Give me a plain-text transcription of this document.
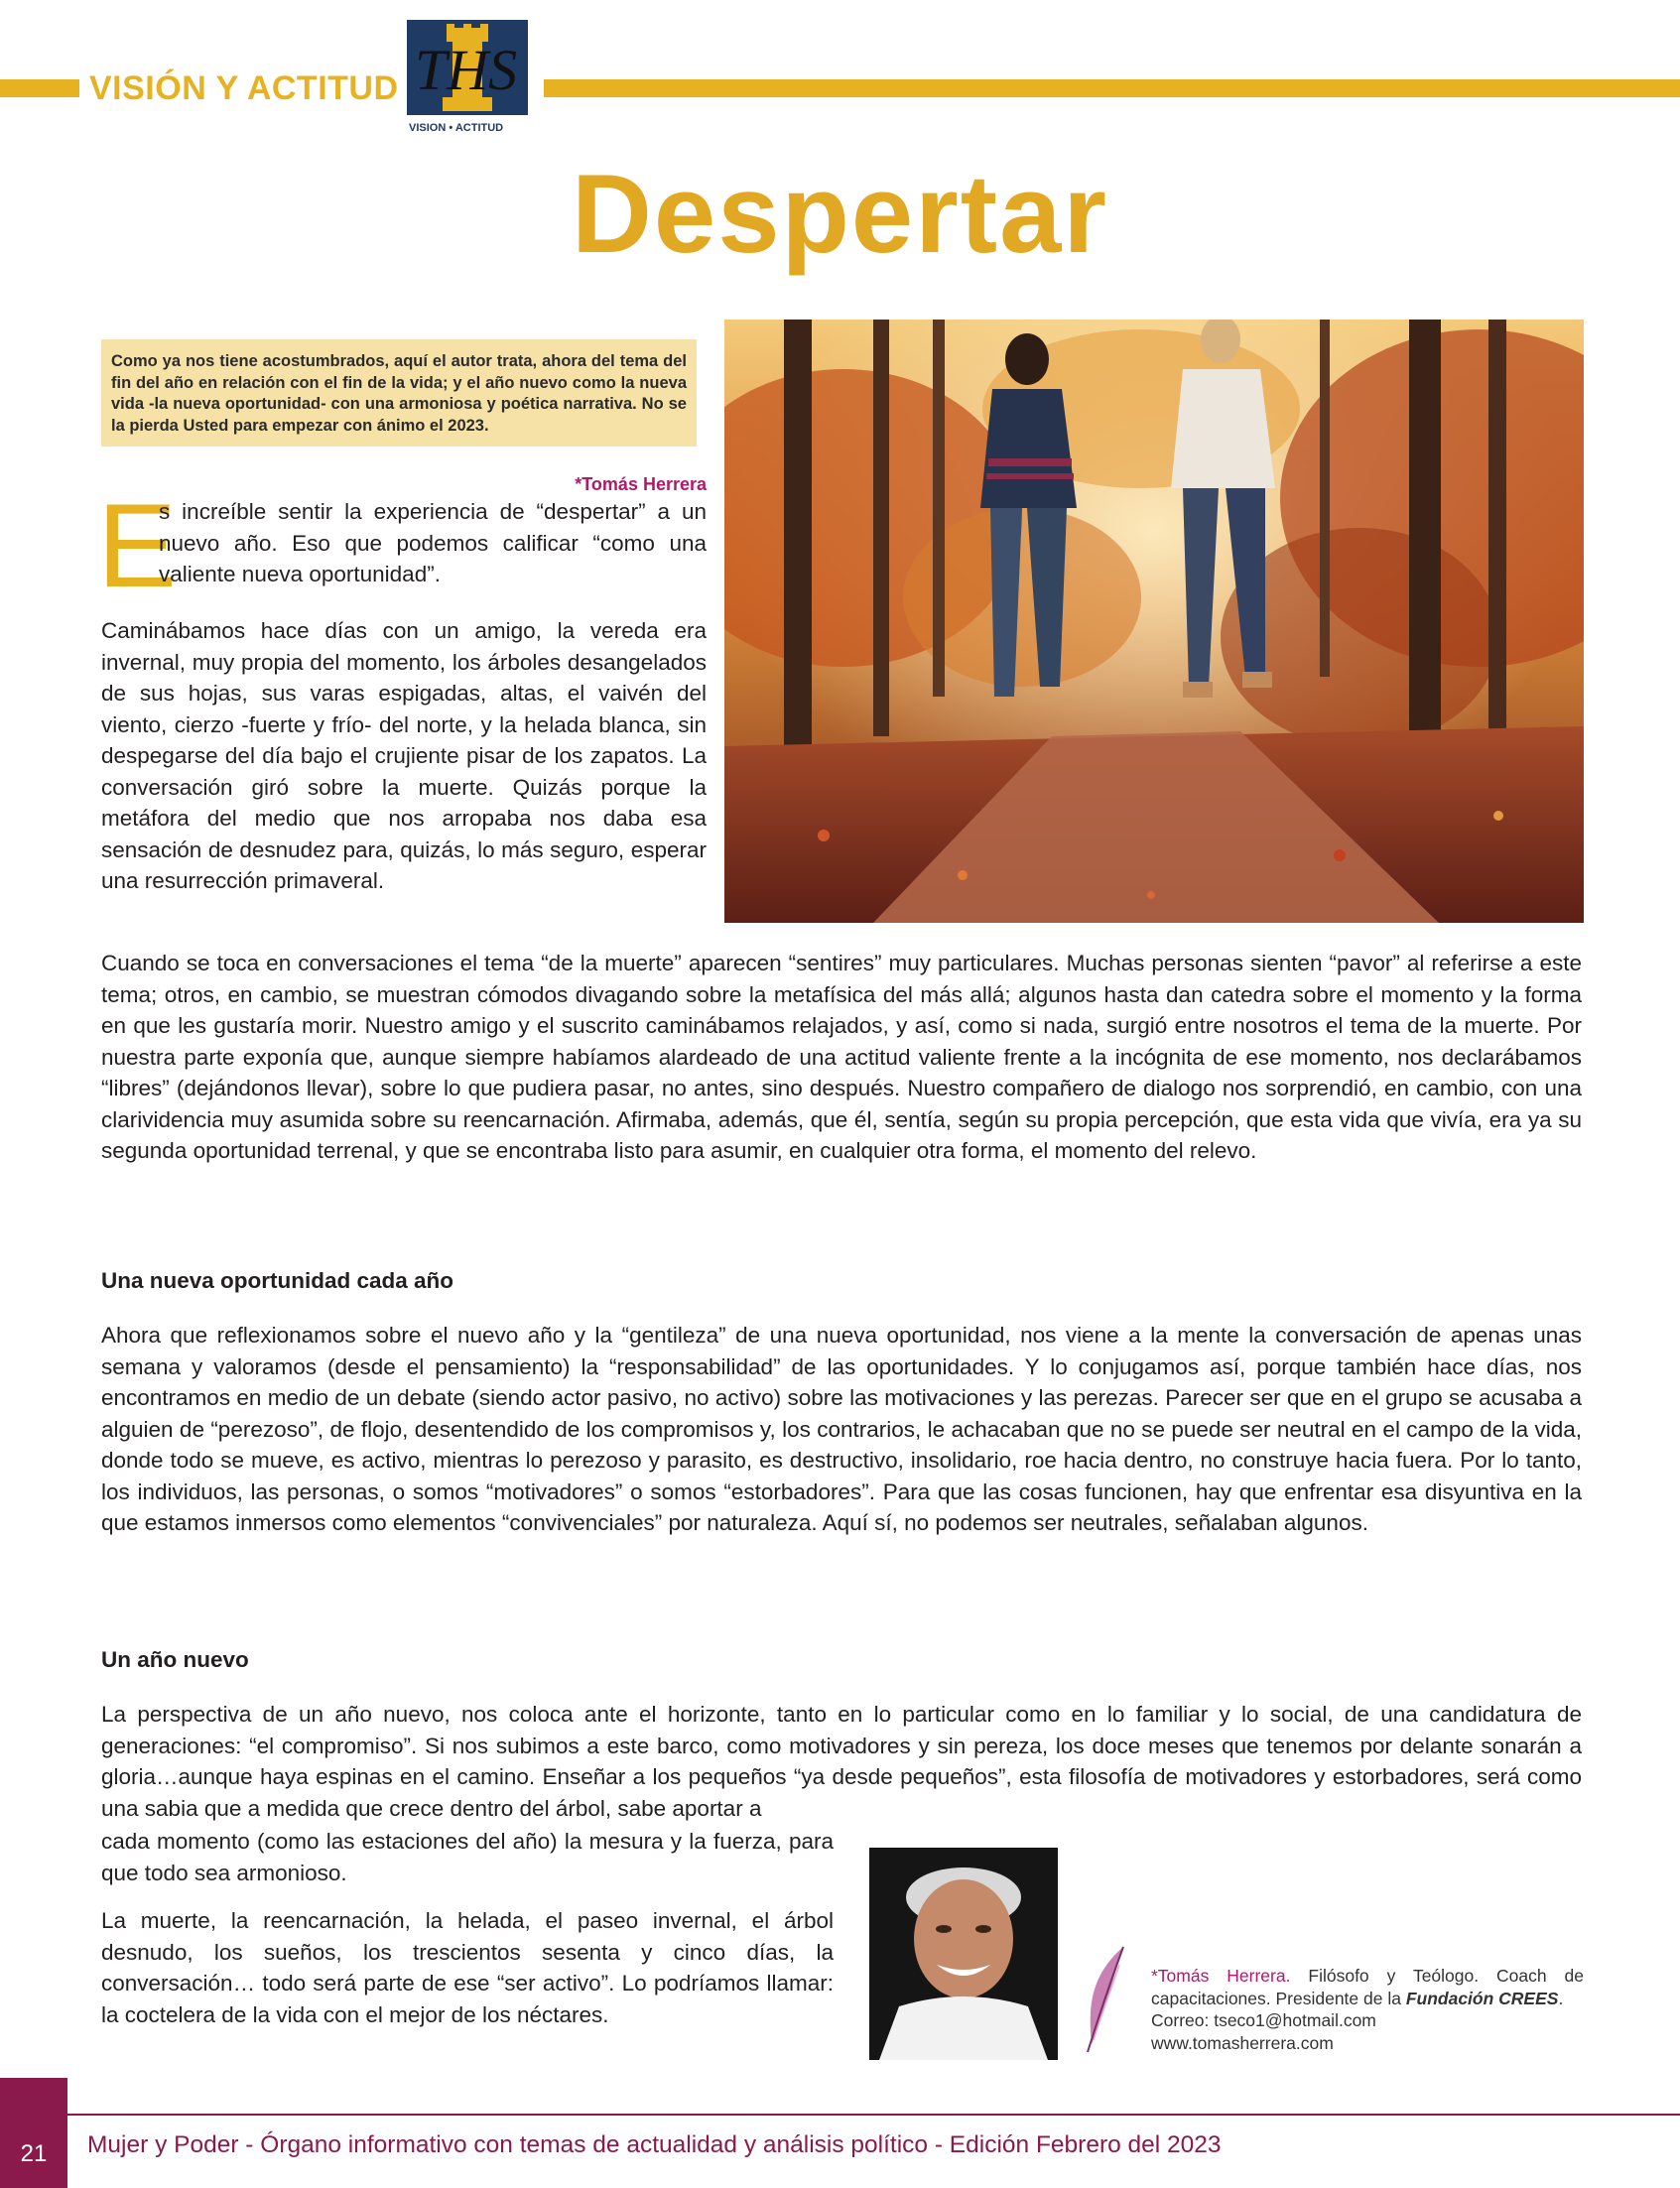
VISIÓN Y ACTITUD THS
VISION • ACTITUD
Despertar
Como ya nos tiene acostumbrados, aquí el autor trata, ahora del tema del fin del año en relación con el fin de la vida; y el año nuevo como la nueva vida -la nueva oportunidad- con una armoniosa y poética narrativa. No se la pierda Usted para empezar con ánimo el 2023.
*Tomás Herrera
E
s increíble sentir la experiencia de “despertar” a un nuevo año. Eso que podemos calificar “como una valiente nueva oportunidad”.
Caminábamos hace días con un amigo, la vereda era invernal, muy propia del momento, los árboles desangelados de sus hojas, sus varas espigadas, altas, el vaivén del viento, cierzo -fuerte y frío- del norte, y la helada blanca, sin despegarse del día bajo el crujiente pisar de los zapatos. La conversación giró sobre la muerte. Quizás porque la metáfora del medio que nos arropaba nos daba esa sensación de desnudez para, quizás, lo más seguro, esperar una resurrección primaveral.
Cuando se toca en conversaciones el tema “de la muerte” aparecen “sentires” muy particulares. Muchas personas sienten “pavor” al referirse a este tema; otros, en cambio, se muestran cómodos divagando sobre la metafísica del más allá; algunos hasta dan catedra sobre el momento y la forma en que les gustaría morir. Nuestro amigo y el suscrito caminábamos relajados, y así, como si nada, surgió entre nosotros el tema de la muerte. Por nuestra parte exponía que, aunque siempre habíamos alardeado de una actitud valiente frente a la incógnita de ese momento, nos declarábamos “libres” (dejándonos llevar), sobre lo que pudiera pasar, no antes, sino después. Nuestro compañero de dialogo nos sorprendió, en cambio, con una clarividencia muy asumida sobre su reencarnación. Afirmaba, además, que él, sentía, según su propia percepción, que esta vida que vivía, era ya su segunda oportunidad terrenal, y que se encontraba listo para asumir, en cualquier otra forma, el momento del relevo.
Una nueva oportunidad cada año
Ahora que reflexionamos sobre el nuevo año y la “gentileza” de una nueva oportunidad, nos viene a la mente la conversación de apenas unas semana y valoramos (desde el pensamiento) la “responsabilidad” de las oportunidades. Y lo conjugamos así, porque también hace días, nos encontramos en medio de un debate (siendo actor pasivo, no activo) sobre las motivaciones y las perezas. Parecer ser que en el grupo se acusaba a alguien de “perezoso”, de flojo, desentendido de los compromisos y, los contrarios, le achacaban que no se puede ser neutral en el campo de la vida, donde todo se mueve, es activo, mientras lo perezoso y parasito, es destructivo, insolidario, roe hacia dentro, no construye hacia fuera. Por lo tanto, los individuos, las personas, o somos “motivadores” o somos “estorbadores”. Para que las cosas funcionen, hay que enfrentar esa disyuntiva en la que estamos inmersos como elementos “convivenciales” por naturaleza. Aquí sí, no podemos ser neutrales, señalaban algunos.
Un año nuevo
La perspectiva de un año nuevo, nos coloca ante el horizonte, tanto en lo particular como en lo familiar y lo social, de una candidatura de generaciones: “el compromiso”. Si nos subimos a este barco, como motivadores y sin pereza, los doce meses que tenemos por delante sonarán a gloria…aunque haya espinas en el camino. Enseñar a los pequeños “ya desde pequeños”, esta filosofía de motivadores y estorbadores, será como una sabia que a medida que crece dentro del árbol, sabe aportar a
cada momento (como las estaciones del año) la mesura y la fuerza, para que todo sea armonioso.
La muerte, la reencarnación, la helada, el paseo invernal, el árbol desnudo, los sueños, los trescientos sesenta y cinco días, la conversación… todo será parte de ese “ser activo”. Lo podríamos llamar: la coctelera de la vida con el mejor de los néctares.
*Tomás Herrera. Filósofo y Teólogo. Coach de capacitaciones. Presidente de la Fundación CREES.
Correo: tseco1@hotmail.com
www.tomasherrera.com
21	Mujer y Poder - Órgano informativo con temas de actualidad y análisis político - Edición Febrero del 2023
